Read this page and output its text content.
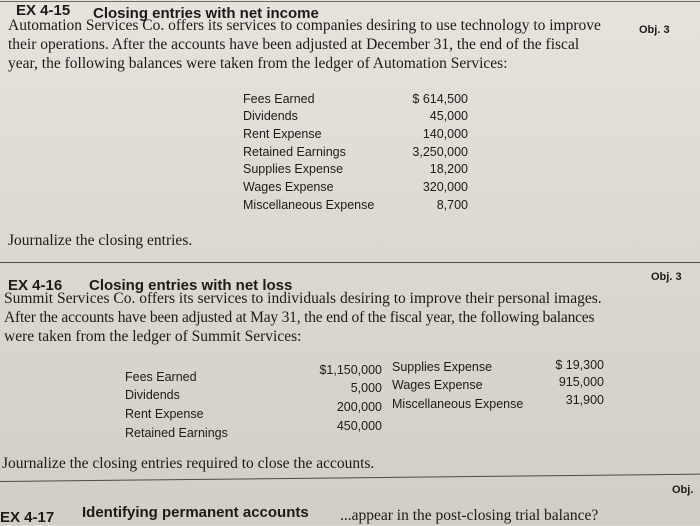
EX 4-15 Closing entries with net income
Obj. 3
Automation Services Co. offers its services to companies desiring to use technology to improve
their operations. After the accounts have been adjusted at December 31, the end of the fiscal
year, the following balances were taken from the ledger of Automation Services:
Fees Earned	$ 614,500
Dividends	45,000
Rent Expense	140,000
Retained Earnings	3,250,000
Supplies Expense	18,200
Wages Expense	320,000
Miscellaneous Expense	8,700
Journalize the closing entries.
EX 4-16 Closing entries with net loss	Obj. 3
Summit Services Co. offers its services to individuals desiring to improve their personal images.
After the accounts have been adjusted at May 31, the end of the fiscal year, the following balances
were taken from the ledger of Summit Services:
Fees Earned	$1,150,000
Dividends	5,000
Rent Expense	200,000
Retained Earnings	450,000
Supplies Expense	$ 19,300
Wages Expense	915,000
Miscellaneous Expense	31,900
Journalize the closing entries required to close the accounts.
EX 4-17 Identifying permanent accounts
Obj.
...appear in the post-closing trial balance?
